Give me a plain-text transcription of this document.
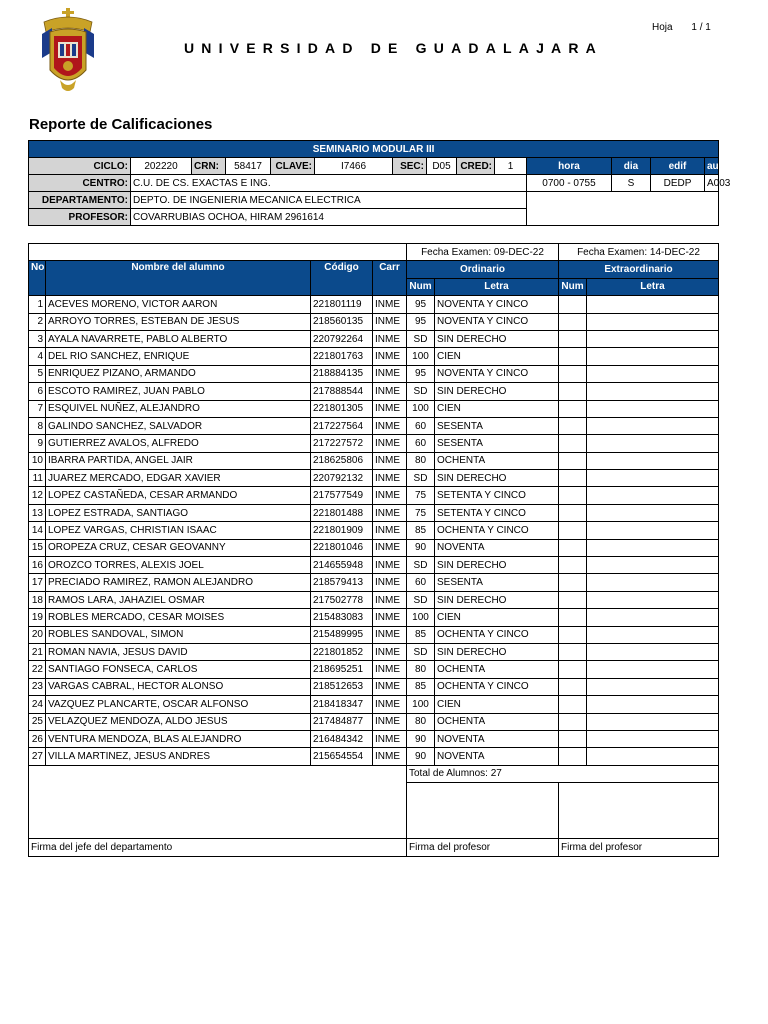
UNIVERSIDAD DE GUADALAJARA
Hoja 1 / 1
Reporte de Calificaciones
SEMINARIO MODULAR III													
CICLO:	202220	CRN:	58417	CLAVE:	I7466	SEC:	D05	CRED:	1	hora	dia	edif	aula
CENTRO:	C.U. DE CS. EXACTAS E ING.									0700 - 0755	S	DEDP	A003
DEPARTAMENTO:	DEPTO. DE INGENIERIA MECANICA ELECTRICA												
PROFESOR:	COVARRUBIAS OCHOA, HIRAM 2961614												
				Fecha Examen: 09-DEC-22		Fecha Examen: 14-DEC-22	
No	Nombre del alumno	Código	Carr	Ordinario		Extraordinario	
				Num	Letra	Num	Letra
1	ACEVES MORENO, VICTOR AARON	221801119	INME	95	NOVENTA Y CINCO		
2	ARROYO TORRES, ESTEBAN DE JESUS	218560135	INME	95	NOVENTA Y CINCO		
3	AYALA NAVARRETE, PABLO ALBERTO	220792264	INME	SD	SIN DERECHO		
4	DEL RIO SANCHEZ, ENRIQUE	221801763	INME	100	CIEN		
5	ENRIQUEZ PIZANO, ARMANDO	218884135	INME	95	NOVENTA Y CINCO		
6	ESCOTO RAMIREZ, JUAN PABLO	217888544	INME	SD	SIN DERECHO		
7	ESQUIVEL NUÑEZ, ALEJANDRO	221801305	INME	100	CIEN		
8	GALINDO SANCHEZ, SALVADOR	217227564	INME	60	SESENTA		
9	GUTIERREZ AVALOS, ALFREDO	217227572	INME	60	SESENTA		
10	IBARRA PARTIDA, ANGEL JAIR	218625806	INME	80	OCHENTA		
11	JUAREZ MERCADO, EDGAR XAVIER	220792132	INME	SD	SIN DERECHO		
12	LOPEZ CASTAÑEDA, CESAR ARMANDO	217577549	INME	75	SETENTA Y CINCO		
13	LOPEZ ESTRADA, SANTIAGO	221801488	INME	75	SETENTA Y CINCO		
14	LOPEZ VARGAS, CHRISTIAN ISAAC	221801909	INME	85	OCHENTA Y CINCO		
15	OROPEZA CRUZ, CESAR GEOVANNY	221801046	INME	90	NOVENTA		
16	OROZCO TORRES, ALEXIS JOEL	214655948	INME	SD	SIN DERECHO		
17	PRECIADO RAMIREZ, RAMON ALEJANDRO	218579413	INME	60	SESENTA		
18	RAMOS LARA, JAHAZIEL OSMAR	217502778	INME	SD	SIN DERECHO		
19	ROBLES MERCADO, CESAR MOISES	215483083	INME	100	CIEN		
20	ROBLES SANDOVAL, SIMON	215489995	INME	85	OCHENTA Y CINCO		
21	ROMAN NAVIA, JESUS DAVID	221801852	INME	SD	SIN DERECHO		
22	SANTIAGO FONSECA, CARLOS	218695251	INME	80	OCHENTA		
23	VARGAS CABRAL, HECTOR ALONSO	218512653	INME	85	OCHENTA Y CINCO		
24	VAZQUEZ PLANCARTE, OSCAR ALFONSO	218418347	INME	100	CIEN		
25	VELAZQUEZ MENDOZA, ALDO JESUS	217484877	INME	80	OCHENTA		
26	VENTURA MENDOZA, BLAS ALEJANDRO	216484342	INME	90	NOVENTA		
27	VILLA MARTINEZ, JESUS ANDRES	215654554	INME	90	NOVENTA		
				Total de Alumnos: 27			

Firma del jefe del departamento				Firma del profesor		Firma del profesor	
